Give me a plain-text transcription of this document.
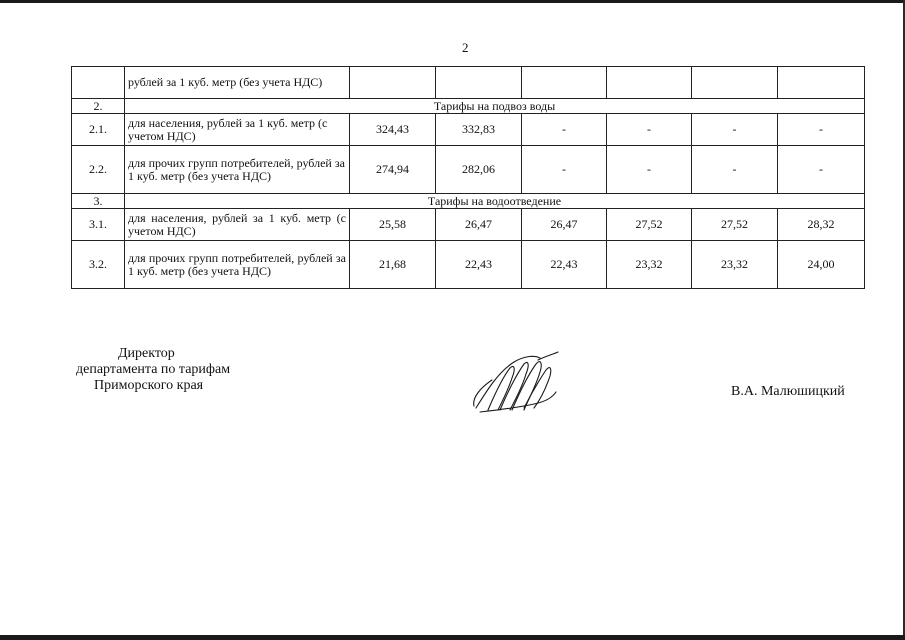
2
	рублей за 1 куб. метр (без учета НДС)						
2.	Тарифы на подвоз воды						
2.1.	для населения, рублей за 1 куб. метр (с учетом НДС)	324,43	332,83	-	-	-	-
2.2.	для прочих групп потребителей, рублей за 1 куб. метр (без учета НДС)	274,94	282,06	-	-	-	-
3.	Тарифы на водоотведение						
3.1.	для населения, рублей за 1 куб. метр (с учетом НДС)	25,58	26,47	26,47	27,52	27,52	28,32
3.2.	для прочих групп потребителей, рублей за 1 куб. метр (без учета НДС)	21,68	22,43	22,43	23,32	23,32	24,00
Директор
департамента по тарифам
Приморского края	В.А. Малюшицкий
